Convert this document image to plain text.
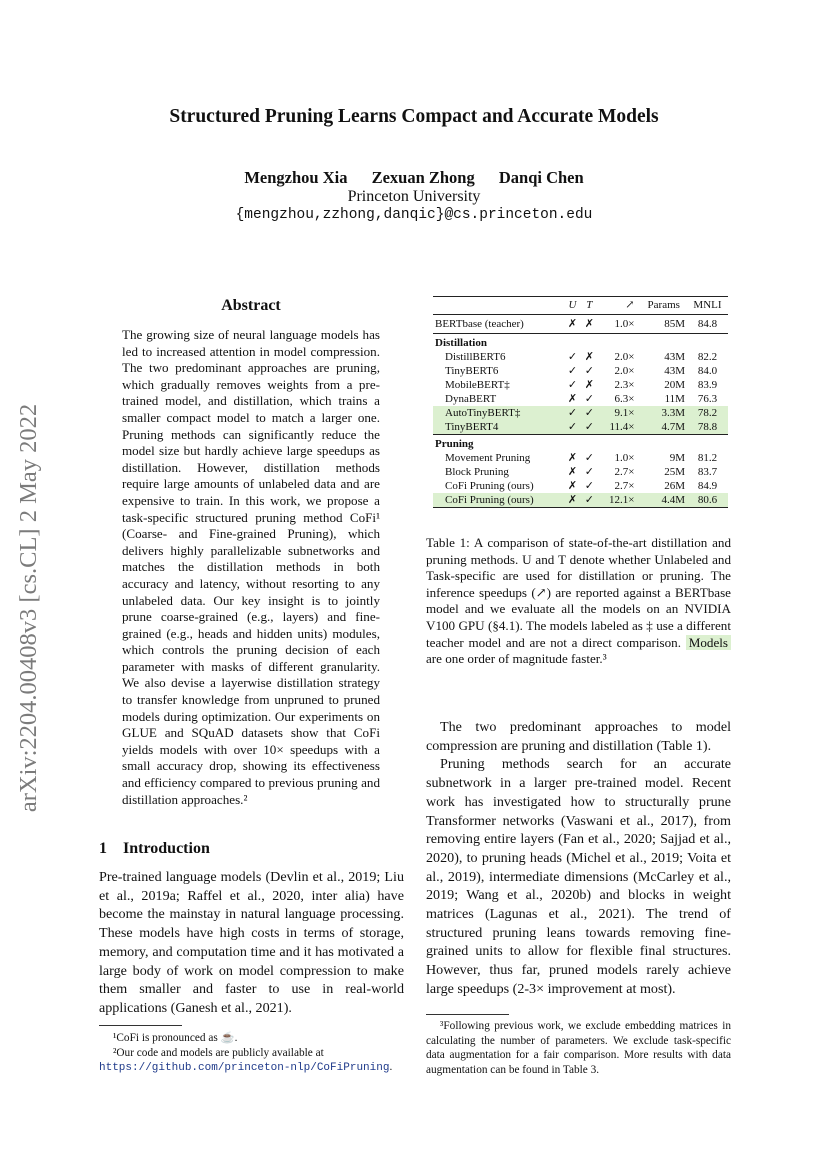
Structured Pruning Learns Compact and Accurate Models
Mengzhou Xia Zexuan Zhong Danqi Chen
Princeton University
{mengzhou,zzhong,danqic}@cs.princeton.edu
arXiv:2204.00408v3 [cs.CL] 2 May 2022
Abstract
The growing size of neural language models has led to increased attention in model compression. The two predominant approaches are pruning, which gradually removes weights from a pre-trained model, and distillation, which trains a smaller compact model to match a larger one. Pruning methods can significantly reduce the model size but hardly achieve large speedups as distillation. However, distillation methods require large amounts of unlabeled data and are expensive to train. In this work, we propose a task-specific structured pruning method CoFi¹ (Coarse- and Fine-grained Pruning), which delivers highly parallelizable subnetworks and matches the distillation methods in both accuracy and latency, without resorting to any unlabeled data. Our key insight is to jointly prune coarse-grained (e.g., layers) and fine-grained (e.g., heads and hidden units) modules, which controls the pruning decision of each parameter with masks of different granularity. We also devise a layerwise distillation strategy to transfer knowledge from unpruned to pruned models during optimization. Our experiments on GLUE and SQuAD datasets show that CoFi yields models with over 10× speedups with a small accuracy drop, showing its effectiveness and efficiency compared to previous pruning and distillation approaches.²
1 Introduction

Pre-trained language models (Devlin et al., 2019; Liu et al., 2019a; Raffel et al., 2020, inter alia) have become the mainstay in natural language processing. These models have high costs in terms of storage, memory, and computation time and it has motivated a large body of work on model compression to make them smaller and faster to use in real-world applications (Ganesh et al., 2021).

¹CoFi is pronounced as ☕.

²Our code and models are publicly available at https://github.com/princeton-nlp/CoFiPruning.

	U	T	↗	Params	MNLI
BERTbase (teacher)	✗	✗	1.0×	85M	84.8
Distillation					
DistillBERT6	✓	✗	2.0×	43M	82.2
TinyBERT6	✓	✓	2.0×	43M	84.0
MobileBERT‡	✓	✗	2.3×	20M	83.9
DynaBERT	✗	✓	6.3×	11M	76.3
AutoTinyBERT‡	✓	✓	9.1×	3.3M	78.2
TinyBERT4	✓	✓	11.4×	4.7M	78.8
Pruning					
Movement Pruning	✗	✓	1.0×	9M	81.2
Block Pruning	✗	✓	2.7×	25M	83.7
CoFi Pruning (ours)	✗	✓	2.7×	26M	84.9
CoFi Pruning (ours)	✗	✓	12.1×	4.4M	80.6
Table 1: A comparison of state-of-the-art distillation and pruning methods. U and T denote whether Unlabeled and Task-specific are used for distillation or pruning. The inference speedups (↗) are reported against a BERTbase model and we evaluate all the models on an NVIDIA V100 GPU (§4.1). The models labeled as ‡ use a different teacher model and are not a direct comparison. Models are one order of magnitude faster.³

The two predominant approaches to model compression are pruning and distillation (Table 1).

Pruning methods search for an accurate subnetwork in a larger pre-trained model. Recent work has investigated how to structurally prune Transformer networks (Vaswani et al., 2017), from removing entire layers (Fan et al., 2020; Sajjad et al., 2020), to pruning heads (Michel et al., 2019; Voita et al., 2019), intermediate dimensions (McCarley et al., 2019; Wang et al., 2020b) and blocks in weight matrices (Lagunas et al., 2021). The trend of structured pruning leans towards removing fine-grained units to allow for flexible final structures. However, thus far, pruned models rarely achieve large speedups (2-3× improvement at most).

³Following previous work, we exclude embedding matrices in calculating the number of parameters. We exclude task-specific data augmentation for a fair comparison. More results with data augmentation can be found in Table 3.
